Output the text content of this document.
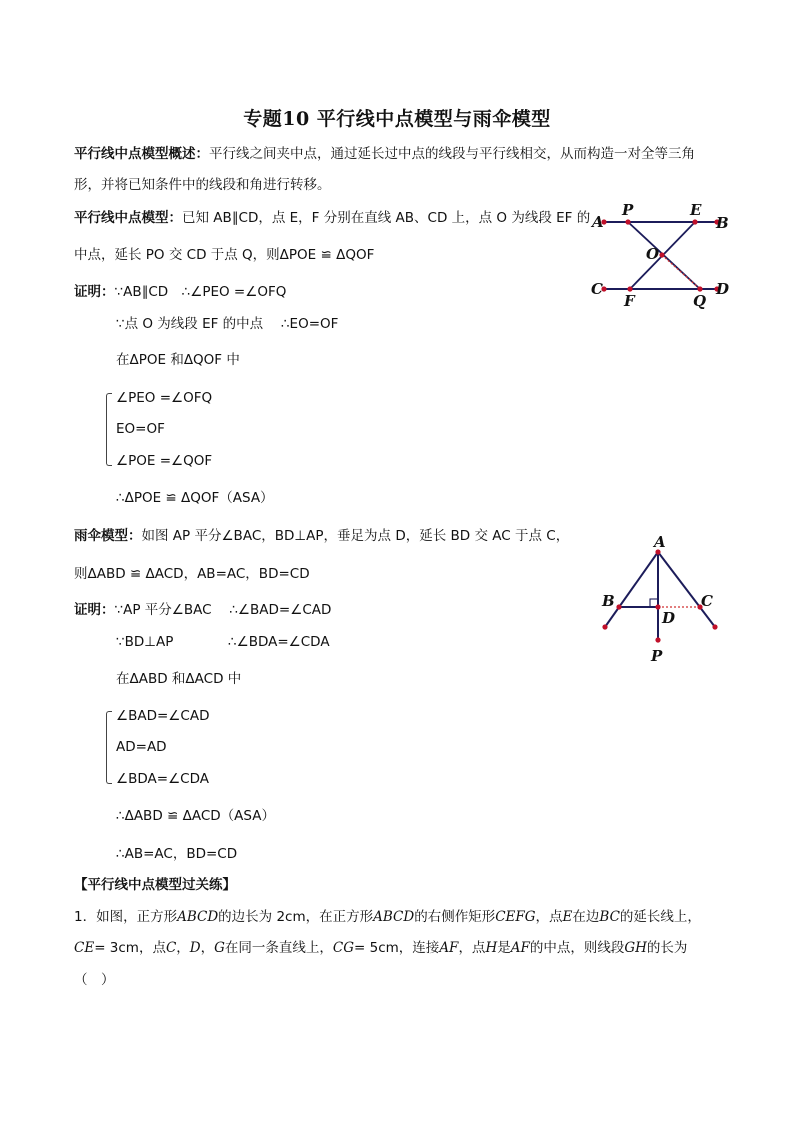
专题10 平行线中点模型与雨伞模型
平行线中点模型概述：平行线之间夹中点，通过延长过中点的线段与平行线相交，从而构造一对全等三角
形，并将已知条件中的线段和角进行转移。
平行线中点模型：已知 AB∥CD，点 E，F 分别在直线 AB、CD 上，点 O 为线段 EF 的
中点，延长 PO 交 CD 于点 Q，则ΔPOE ≌ ΔQOF
证明：∵AB∥CD　∴∠PEO =∠OFQ
∵点 O 为线段 EF 的中点　 ∴EO=OF
在ΔPOE 和ΔQOF 中
∠PEO =∠OFQ
EO=OF
∠POE =∠QOF
∴ΔPOE ≌ ΔQOF（ASA）
A
P	E
B
O
C
F	Q
D
雨伞模型：如图 AP 平分∠BAC，BD⊥AP，垂足为点 D，延长 BD 交 AC 于点 C，
则ΔABD ≌ ΔACD，AB=AC，BD=CD
证明：∵AP 平分∠BAC　 ∴∠BAD=∠CAD
∵BD⊥AP	∴∠BDA=∠CDA
在ΔABD 和ΔACD 中
∠BAD=∠CAD
AD=AD
∠BDA=∠CDA
∴ΔABD ≌ ΔACD（ASA）
∴AB=AC，BD=CD
A
B	C
D
P
【平行线中点模型过关练】
1．如图，正方形ABCD的边长为 2cm，在正方形ABCD的右侧作矩形CEFG，点E在边BC的延长线上，
CE= 3cm，点C，D，G在同一条直线上，CG= 5cm，连接AF，点H是AF的中点，则线段GH的长为
（　）
